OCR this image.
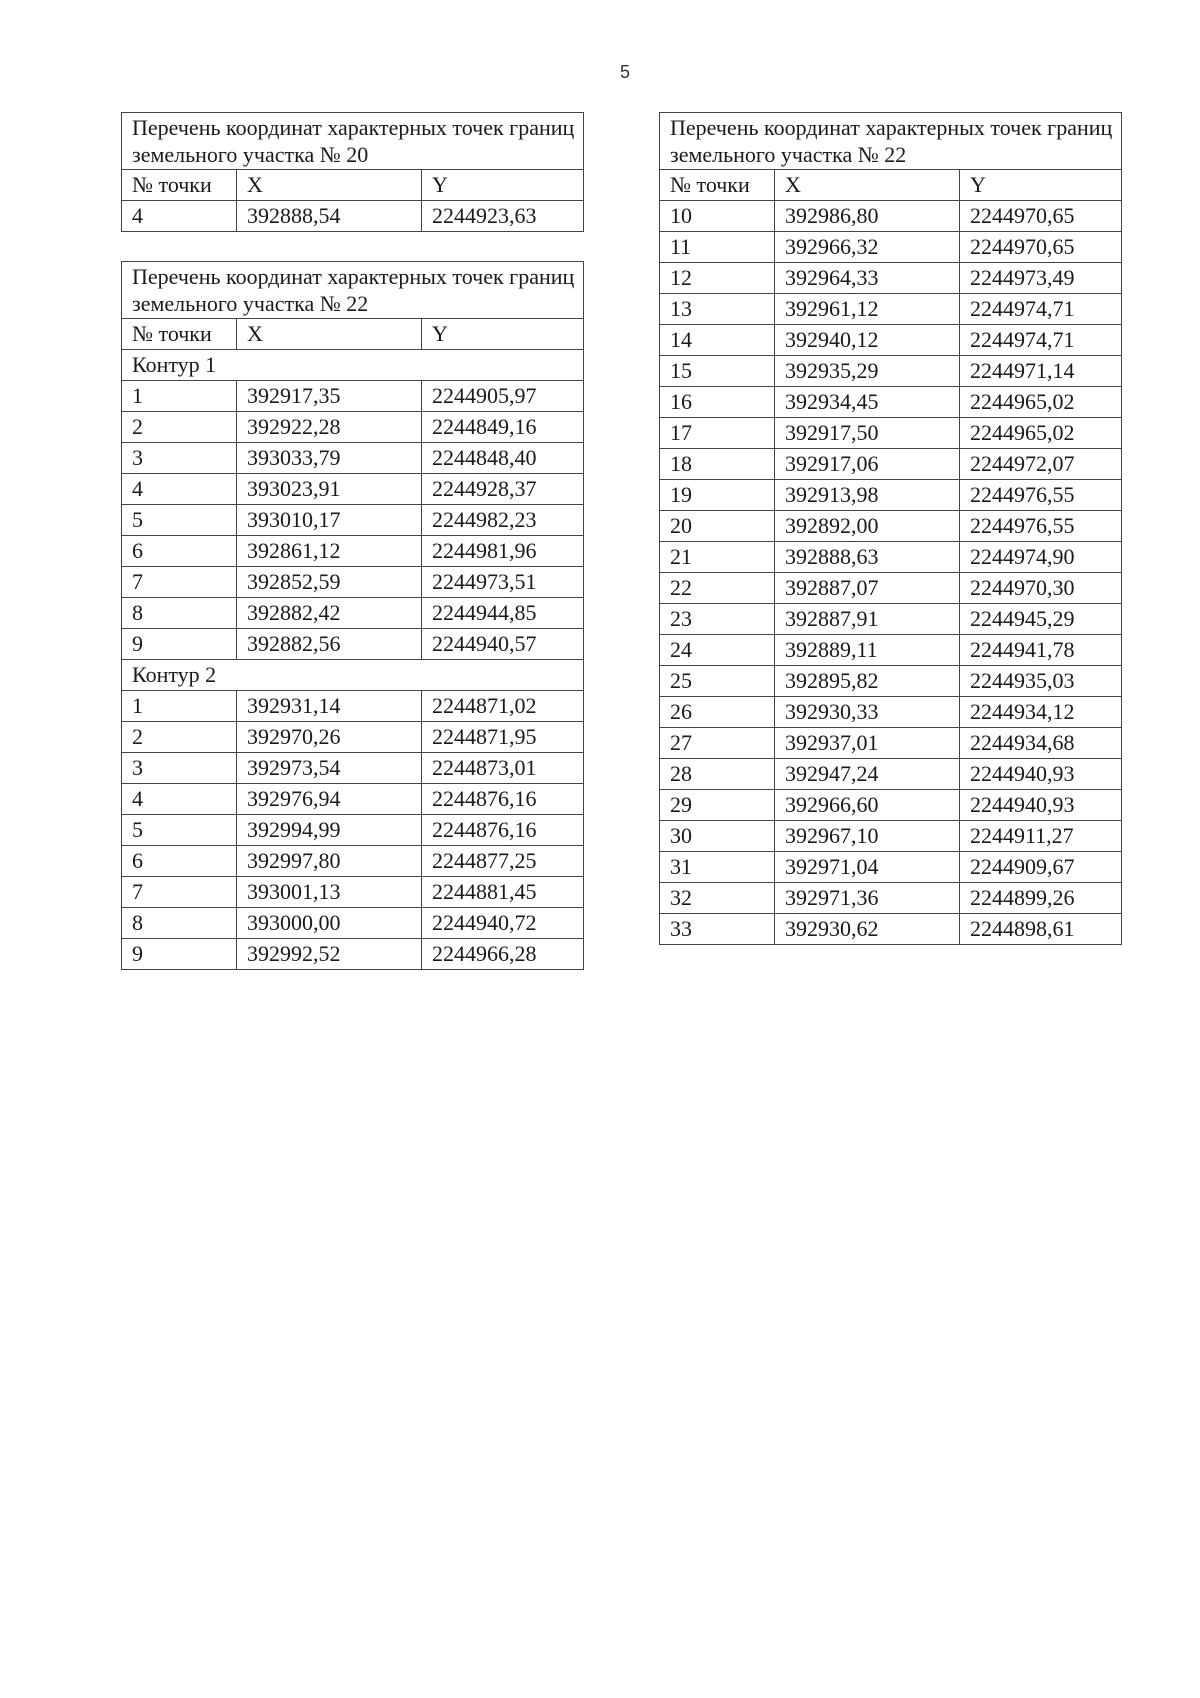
5
Перечень координат характерных точек границ земельного участка № 20		
№ точки	X	Y
4	392888,54	2244923,63
Перечень координат характерных точек границ земельного участка № 22		
№ точки	X	Y
Контур 1		
1	392917,35	2244905,97
2	392922,28	2244849,16
3	393033,79	2244848,40
4	393023,91	2244928,37
5	393010,17	2244982,23
6	392861,12	2244981,96
7	392852,59	2244973,51
8	392882,42	2244944,85
9	392882,56	2244940,57
Контур 2		
1	392931,14	2244871,02
2	392970,26	2244871,95
3	392973,54	2244873,01
4	392976,94	2244876,16
5	392994,99	2244876,16
6	392997,80	2244877,25
7	393001,13	2244881,45
8	393000,00	2244940,72
9	392992,52	2244966,28
Перечень координат характерных точек границ земельного участка № 22		
№ точки	X	Y
10	392986,80	2244970,65
11	392966,32	2244970,65
12	392964,33	2244973,49
13	392961,12	2244974,71
14	392940,12	2244974,71
15	392935,29	2244971,14
16	392934,45	2244965,02
17	392917,50	2244965,02
18	392917,06	2244972,07
19	392913,98	2244976,55
20	392892,00	2244976,55
21	392888,63	2244974,90
22	392887,07	2244970,30
23	392887,91	2244945,29
24	392889,11	2244941,78
25	392895,82	2244935,03
26	392930,33	2244934,12
27	392937,01	2244934,68
28	392947,24	2244940,93
29	392966,60	2244940,93
30	392967,10	2244911,27
31	392971,04	2244909,67
32	392971,36	2244899,26
33	392930,62	2244898,61
